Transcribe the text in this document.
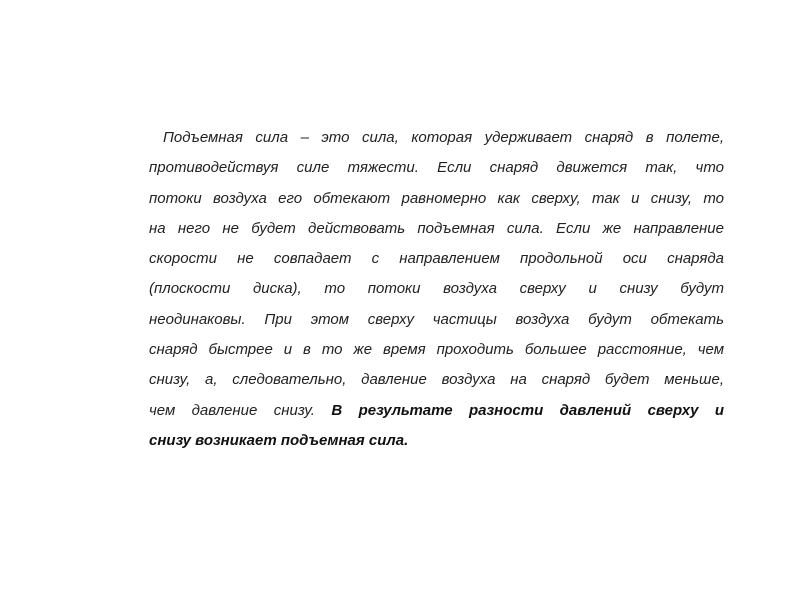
Подъемная сила – это сила, которая удерживает снаряд в полете,
противодействуя силе тяжести. Если снаряд движется так, что
потоки воздуха его обтекают равномерно как сверху, так и снизу, то
на него не будет действовать подъемная сила. Если же направление
скорости не совпадает с направлением продольной оси снаряда
(плоскости диска), то потоки воздуха сверху и снизу будут
неодинаковы. При этом сверху частицы воздуха будут обтекать
снаряд быстрее и в то же время проходить большее расстояние, чем
снизу, а, следовательно, давление воздуха на снаряд будет меньше,
чем давление снизу. В результате разности давлений сверху и
снизу возникает подъемная сила.
